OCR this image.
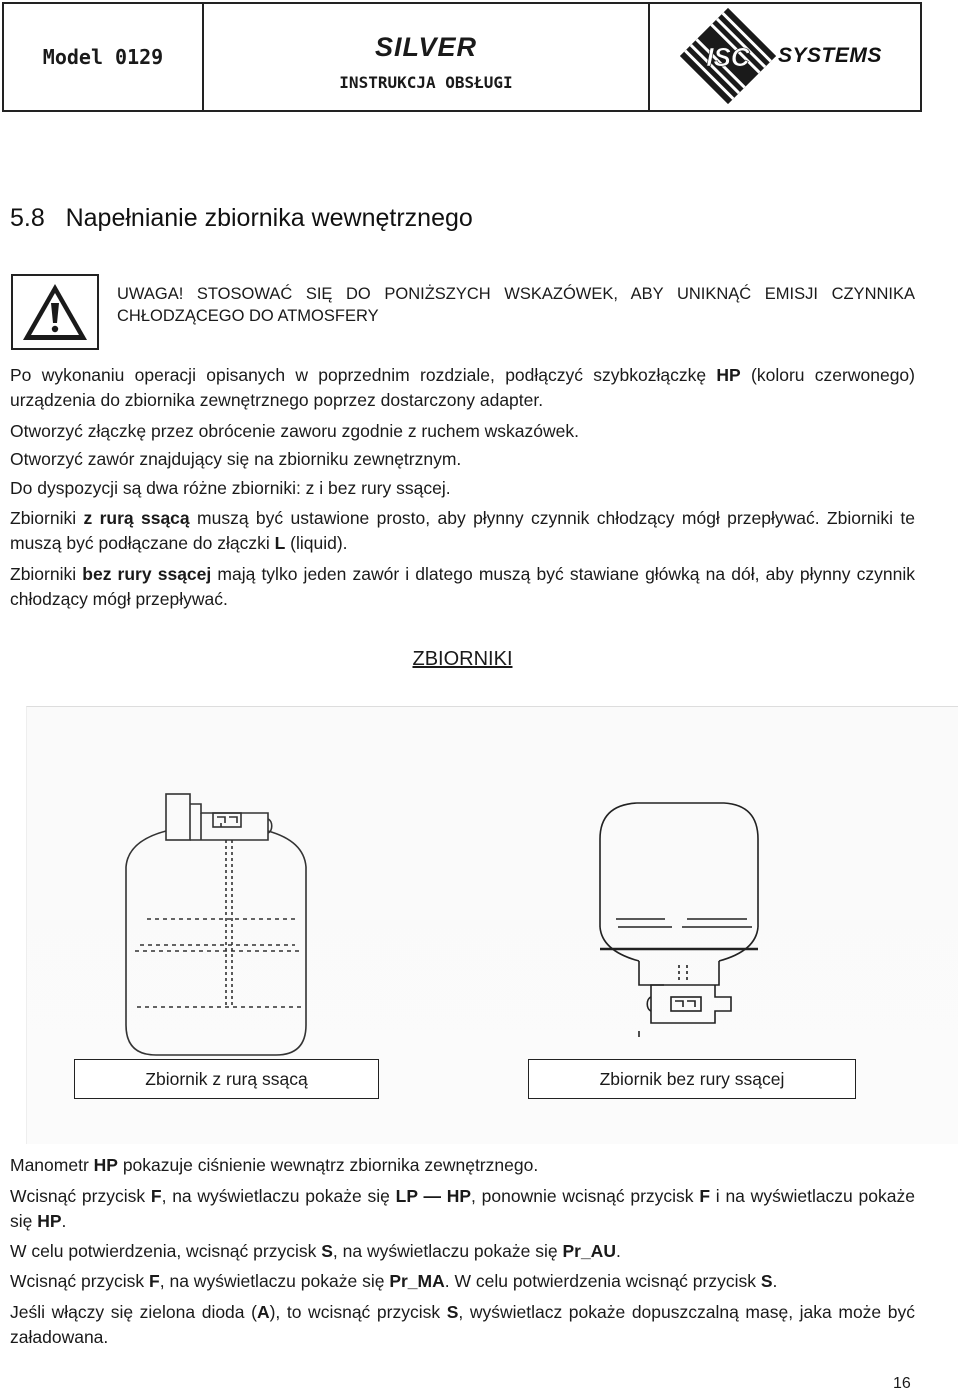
Model 0129	SILVER
INSTRUKCJA OBSŁUGI
ISC SYSTEMS
5.8   Napełnianie zbiornika wewnętrznego
UWAGA! STOSOWAĆ SIĘ DO PONIŻSZYCH WSKAZÓWEK, ABY UNIKNĄĆ EMISJI CZYNNIKA CHŁODZĄCEGO DO ATMOSFERY
Po wykonaniu operacji opisanych w poprzednim rozdziale, podłączyć szybkozłączkę HP (koloru czerwonego) urządzenia do zbiornika zewnętrznego poprzez dostarczony adapter.
Otworzyć złączkę przez obrócenie zaworu zgodnie z ruchem wskazówek.
Otworzyć zawór znajdujący się na zbiorniku zewnętrznym.
Do dyspozycji są dwa różne zbiorniki: z i bez rury ssącej.
Zbiorniki z rurą ssącą muszą być ustawione prosto, aby płynny czynnik chłodzący mógł przepływać. Zbiorniki te muszą być podłączane do złączki L (liquid).
Zbiorniki bez rury ssącej mają tylko jeden zawór i dlatego muszą być stawiane główką na dół, aby płynny czynnik chłodzący mógł przepływać.
ZBIORNIKI
Zbiornik z rurą ssącą	Zbiornik bez rury ssącej
Manometr HP pokazuje ciśnienie wewnątrz zbiornika zewnętrznego.
Wcisnąć przycisk F, na wyświetlaczu pokaże się LP — HP, ponownie wcisnąć przycisk F i na wyświetlaczu pokaże się HP.
W celu potwierdzenia, wcisnąć przycisk S, na wyświetlaczu pokaże się Pr_AU.
Wcisnąć przycisk F, na wyświetlaczu pokaże się Pr_MA. W celu potwierdzenia wcisnąć przycisk S.
Jeśli włączy się zielona dioda (A), to wcisnąć przycisk S, wyświetlacz pokaże dopuszczalną masę, jaka może być załadowana.
16
